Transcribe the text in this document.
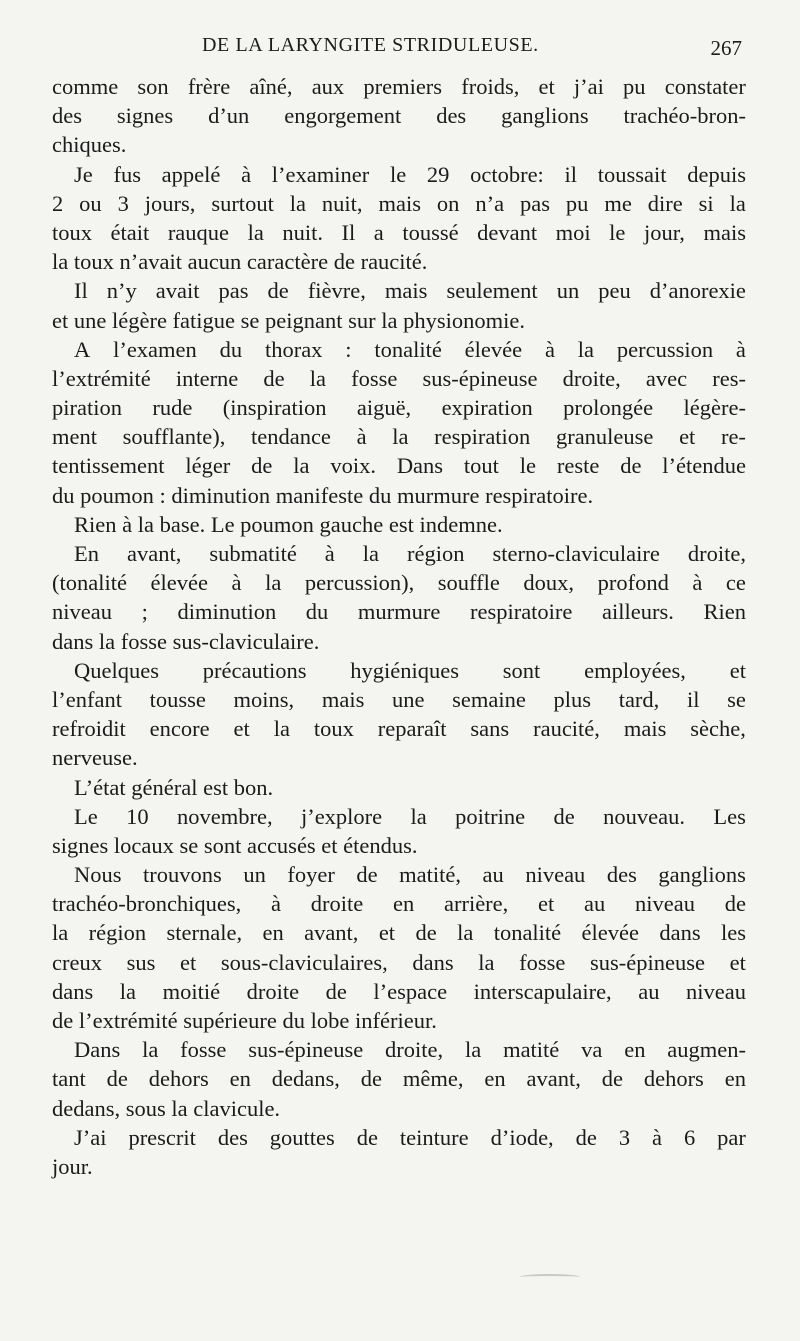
DE LA LARYNGITE STRIDULEUSE.	267
comme son frère aîné, aux premiers froids, et j’ai pu constater
des signes d’un engorgement des ganglions trachéo-bron-
chiques.
Je fus appelé à l’examiner le 29 octobre: il toussait depuis
2 ou 3 jours, surtout la nuit, mais on n’a pas pu me dire si la
toux était rauque la nuit. Il a toussé devant moi le jour, mais
la toux n’avait aucun caractère de raucité.
Il n’y avait pas de fièvre, mais seulement un peu d’anorexie
et une légère fatigue se peignant sur la physionomie.
A l’examen du thorax : tonalité élevée à la percussion à
l’extrémité interne de la fosse sus-épineuse droite, avec res-
piration rude (inspiration aiguë, expiration prolongée légère-
ment soufflante), tendance à la respiration granuleuse et re-
tentissement léger de la voix. Dans tout le reste de l’étendue
du poumon : diminution manifeste du murmure respiratoire.
Rien à la base. Le poumon gauche est indemne.
En avant, submatité à la région sterno-claviculaire droite,
(tonalité élevée à la percussion), souffle doux, profond à ce
niveau ; diminution du murmure respiratoire ailleurs. Rien
dans la fosse sus-claviculaire.
Quelques précautions hygiéniques sont employées, et
l’enfant tousse moins, mais une semaine plus tard, il se
refroidit encore et la toux reparaît sans raucité, mais sèche,
nerveuse.
L’état général est bon.
Le 10 novembre, j’explore la poitrine de nouveau. Les
signes locaux se sont accusés et étendus.
Nous trouvons un foyer de matité, au niveau des ganglions
trachéo-bronchiques, à droite en arrière, et au niveau de
la région sternale, en avant, et de la tonalité élevée dans les
creux sus et sous-claviculaires, dans la fosse sus-épineuse et
dans la moitié droite de l’espace interscapulaire, au niveau
de l’extrémité supérieure du lobe inférieur.
Dans la fosse sus-épineuse droite, la matité va en augmen-
tant de dehors en dedans, de même, en avant, de dehors en
dedans, sous la clavicule.
J’ai prescrit des gouttes de teinture d’iode, de 3 à 6 par
jour.
